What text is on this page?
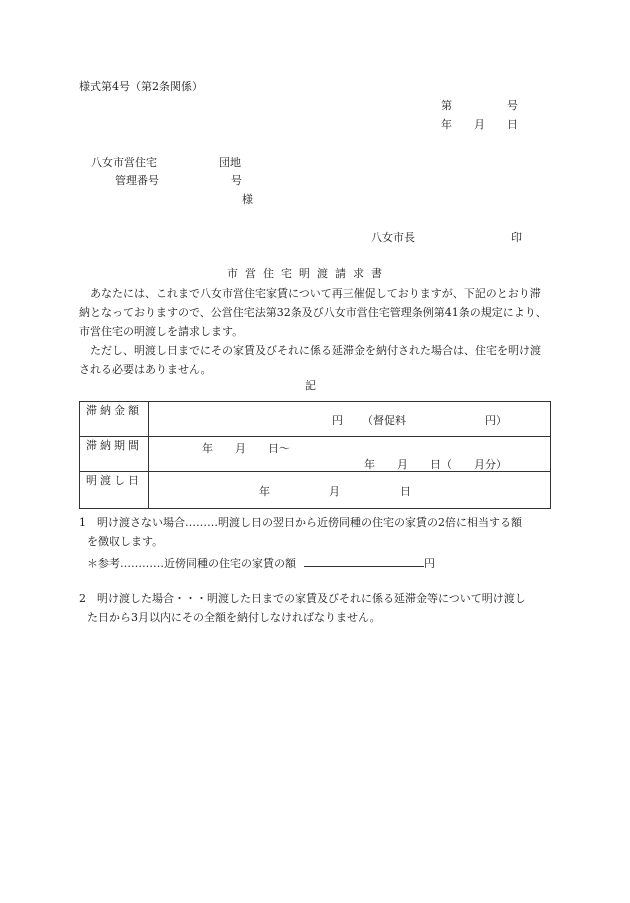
様式第4号（第2条関係）
第　　　　　号
年　　月　　日
八女市営住宅	団地
管理番号	号
様
八女市長	印
市営住宅明渡請求書

　あなたには、これまで八女市営住宅家賃について再三催促しておりますが、下記のとおり滞納となっておりますので、公営住宅法第32条及び八女市営住宅管理条例第41条の規定により、市営住宅の明渡しを請求します。

　ただし、明渡し日までにその家賃及びそれに係る延滞金を納付された場合は、住宅を明け渡される必要はありません。

記
滞納金額	円 （督促料 円）

滞納期間	年　　月　　日～
年　　月　　日（　　月分）

明渡し日	年 月 日
1　明け渡さない場合………明渡し日の翌日から近傍同種の住宅の家賃の2倍に相当する額
を徴収します。
＊参考…………近傍同種の住宅の家賃の額	円
2　明け渡した場合・・・明渡した日までの家賃及びそれに係る延滞金等について明け渡し
た日から3月以内にその全額を納付しなければなりません。
